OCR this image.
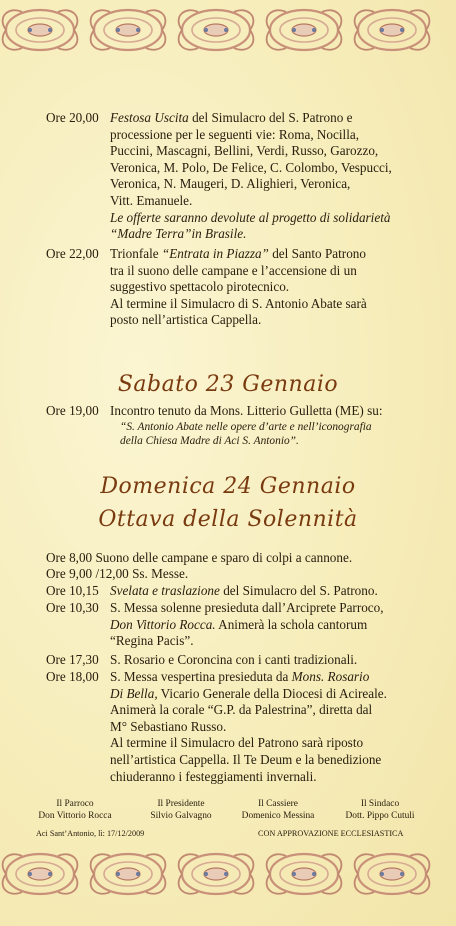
Ore 20,00 Festosa Uscita del Simulacro del S. Patrono e
processione per le seguenti vie: Roma, Nocilla,
Puccini, Mascagni, Bellini, Verdi, Russo, Garozzo,
Veronica, M. Polo, De Felice, C. Colombo, Vespucci,
Veronica, N. Maugeri, D. Alighieri, Veronica,
Vitt. Emanuele.
Le offerte saranno devolute al progetto di solidarietà
“Madre Terra”in Brasile.
Ore 22,00 Trionfale “Entrata in Piazza” del Santo Patrono
tra il suono delle campane e l’accensione di un
suggestivo spettacolo pirotecnico.
Al termine il Simulacro di S. Antonio Abate sarà
posto nell’artistica Cappella.
Sabato 23 Gennaio
Ore 19,00 Incontro tenuto da Mons. Litterio Gulletta (ME) su:
“S. Antonio Abate nelle opere d’arte e nell’iconografia
della Chiesa Madre di Aci S. Antonio”.
Domenica 24 Gennaio
Ottava della Solennità
Ore 8,00 Suono delle campane e sparo di colpi a cannone.
Ore 9,00 /12,00 Ss. Messe.
Ore 10,15 Svelata e traslazione del Simulacro del S. Patrono.
Ore 10,30 S. Messa solenne presieduta dall’Arciprete Parroco,
Don Vittorio Rocca. Animerà la schola cantorum
“Regina Pacis”.
Ore 17,30 S. Rosario e Coroncina con i canti tradizionali.
Ore 18,00 S. Messa vespertina presieduta da Mons. Rosario
Di Bella, Vicario Generale della Diocesi di Acireale.
Animerà la corale “G.P. da Palestrina”, diretta dal
M° Sebastiano Russo.
Al termine il Simulacro del Patrono sarà riposto
nell’artistica Cappella. Il Te Deum e la benedizione
chiuderanno i festeggiamenti invernali.
Il Parroco
Don Vittorio Rocca
Il Presidente
Silvio Galvagno
Il Cassiere
Domenico Messina
Il Sindaco
Dott. Pippo Cutuli
Aci Sant’Antonio, lì: 17/12/2009	CON APPROVAZIONE ECCLESIASTICA
